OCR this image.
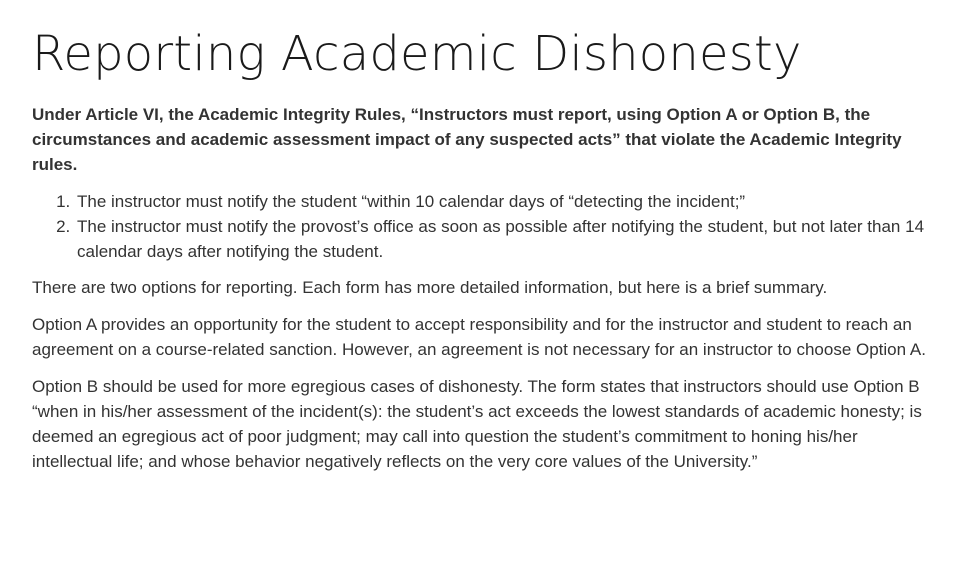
Reporting Academic Dishonesty

Under Article VI, the Academic Integrity Rules, “Instructors must report, using Option A or Option B, the circumstances and academic assessment impact of any suspected acts” that violate the Academic Integrity rules.

1. The instructor must notify the student “within 10 calendar days of “detecting the incident;”
2. The instructor must notify the provost’s office as soon as possible after notifying the student, but not later than 14 calendar days after notifying the student.

There are two options for reporting. Each form has more detailed information, but here is a brief summary.

Option A provides an opportunity for the student to accept responsibility and for the instructor and student to reach an agreement on a course-related sanction. However, an agreement is not necessary for an instructor to choose Option A.

Option B should be used for more egregious cases of dishonesty. The form states that instructors should use Option B “when in his/her assessment of the incident(s): the student’s act exceeds the lowest standards of academic honesty; is deemed an egregious act of poor judgment; may call into question the student’s commitment to honing his/her intellectual life; and whose behavior negatively reflects on the very core values of the University.”
